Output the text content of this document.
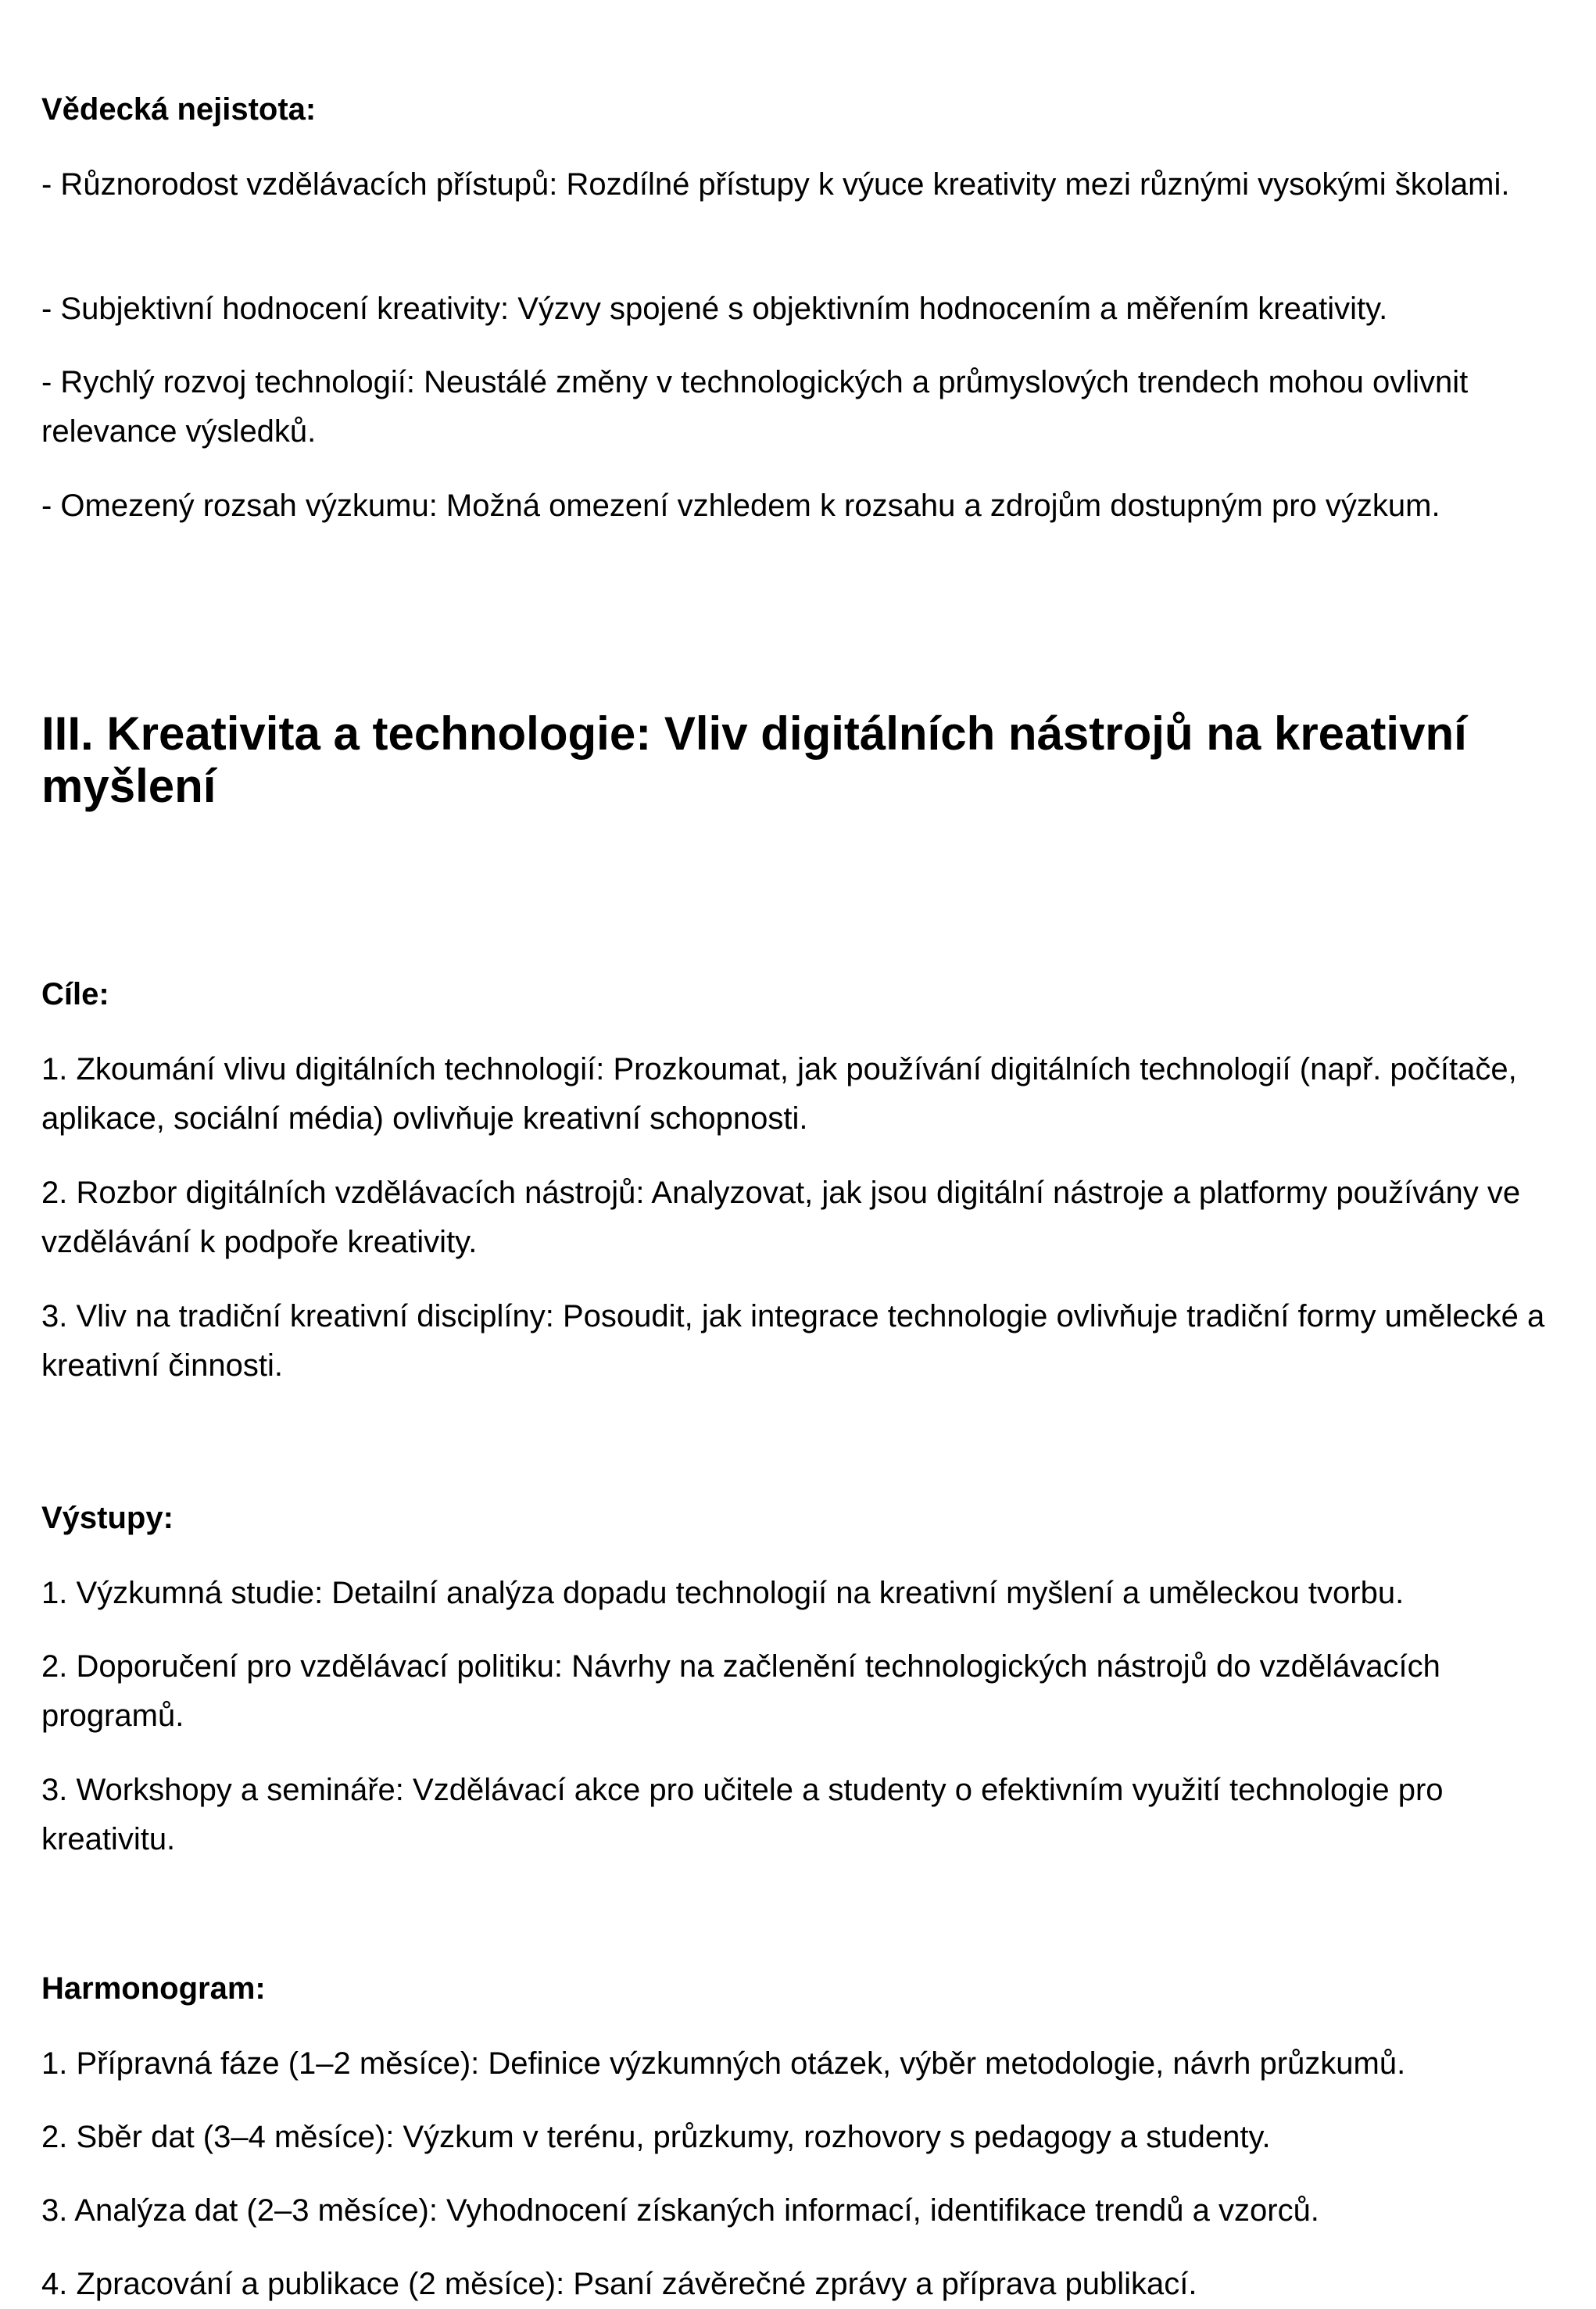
Vědecká nejistota:
- Různorodost vzdělávacích přístupů: Rozdílné přístupy k výuce kreativity mezi různými vysokými školami.
- Subjektivní hodnocení kreativity: Výzvy spojené s objektivním hodnocením a měřením kreativity.
- Rychlý rozvoj technologií: Neustálé změny v technologických a průmyslových trendech mohou ovlivnit relevance výsledků.
- Omezený rozsah výzkumu: Možná omezení vzhledem k rozsahu a zdrojům dostupným pro výzkum.
III. Kreativita a technologie: Vliv digitálních nástrojů na kreativní myšlení
Cíle:
1. Zkoumání vlivu digitálních technologií: Prozkoumat, jak používání digitálních technologií (např. počítače, aplikace, sociální média) ovlivňuje kreativní schopnosti.
2. Rozbor digitálních vzdělávacích nástrojů: Analyzovat, jak jsou digitální nástroje a platformy používány ve vzdělávání k podpoře kreativity.
3. Vliv na tradiční kreativní disciplíny: Posoudit, jak integrace technologie ovlivňuje tradiční formy umělecké a kreativní činnosti.
Výstupy:
1. Výzkumná studie: Detailní analýza dopadu technologií na kreativní myšlení a uměleckou tvorbu.
2. Doporučení pro vzdělávací politiku: Návrhy na začlenění technologických nástrojů do vzdělávacích programů.
3. Workshopy a semináře: Vzdělávací akce pro učitele a studenty o efektivním využití technologie pro kreativitu.
Harmonogram:
1. Přípravná fáze (1–2 měsíce): Definice výzkumných otázek, výběr metodologie, návrh průzkumů.
2. Sběr dat (3–4 měsíce): Výzkum v terénu, průzkumy, rozhovory s pedagogy a studenty.
3. Analýza dat (2–3 měsíce): Vyhodnocení získaných informací, identifikace trendů a vzorců.
4. Zpracování a publikace (2 měsíce): Psaní závěrečné zprávy a příprava publikací.
